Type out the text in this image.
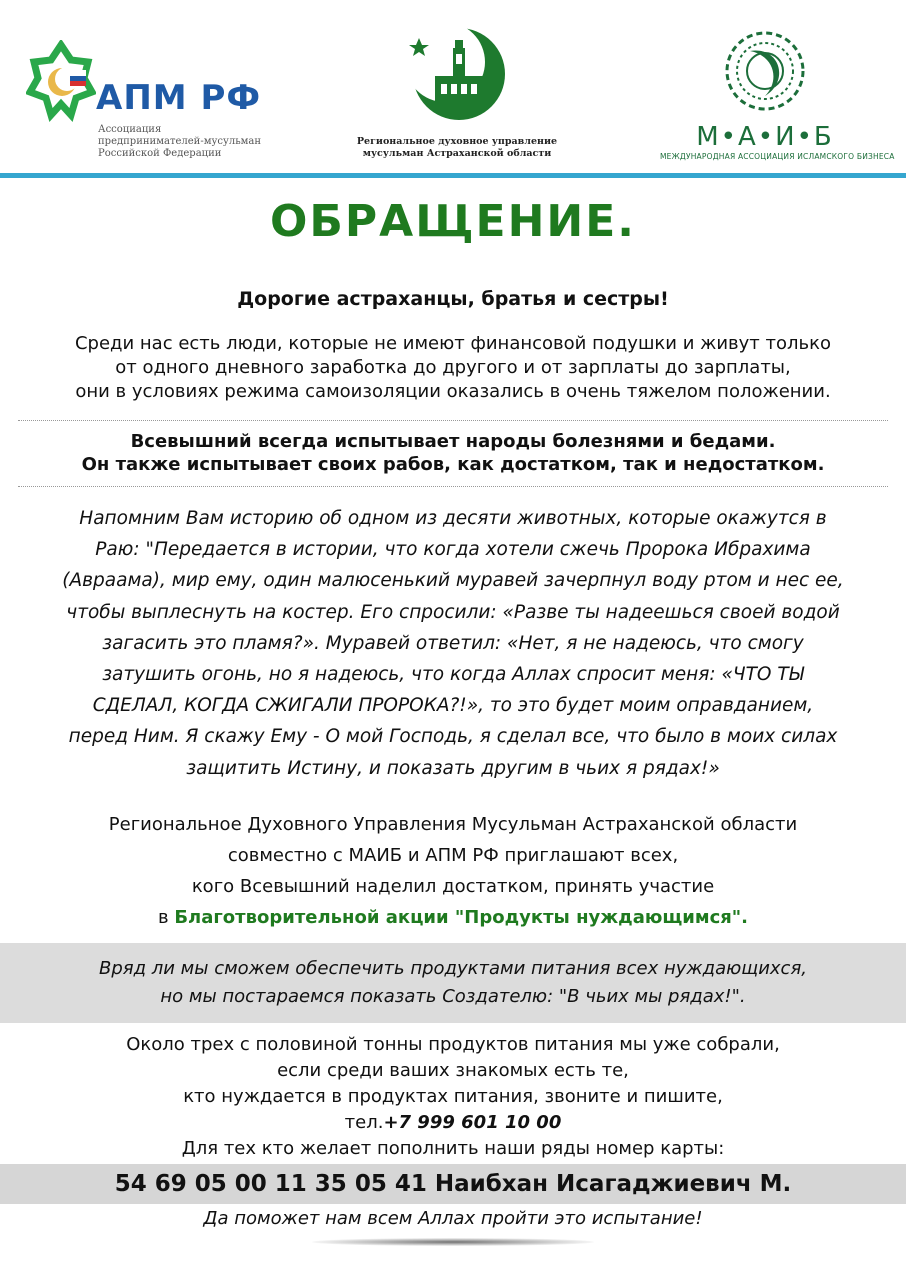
АПМ РФ
Ассоциация
предпринимателей-мусульман
Российской Федерации
Региональное духовное управление
мусульман Астраханской области
М•А•И•Б
МЕЖДУНАРОДНАЯ АССОЦИАЦИЯ ИСЛАМСКОГО БИЗНЕСА
ОБРАЩЕНИЕ.
Дорогие астраханцы, братья и сестры!
Среди нас есть люди, которые не имеют финансовой подушки и живут только
от одного дневного заработка до другого и от зарплаты до зарплаты,
они в условиях режима самоизоляции оказались в очень тяжелом положении.
Всевышний всегда испытывает народы болезнями и бедами.
Он также испытывает своих рабов, как достатком, так и недостатком.
Напомним Вам историю об одном из десяти животных, которые окажутся в
Раю: "Передается в истории, что когда хотели сжечь Пророка Ибрахима
(Авраама), мир ему, один малюсенький муравей зачерпнул воду ртом и нес ее,
чтобы выплеснуть на костер. Его спросили: «Разве ты надеешься своей водой
загасить это пламя?». Муравей ответил: «Нет, я не надеюсь, что смогу
затушить огонь, но я надеюсь, что когда Аллах спросит меня: «ЧТО ТЫ
СДЕЛАЛ, КОГДА СЖИГАЛИ ПРОРОКА?!», то это будет моим оправданием,
перед Ним. Я скажу Ему - О мой Господь, я сделал все, что было в моих силах
защитить Истину, и показать другим в чьих я рядах!»
Региональное Духовного Управления Мусульман Астраханской области
совместно с МАИБ и АПМ РФ приглашают всех,
кого Всевышний наделил достатком, принять участие
в Благотворительной акции "Продукты нуждающимся".
Вряд ли мы сможем обеспечить продуктами питания всех нуждающихся,
но мы постараемся показать Создателю: "В чьих мы рядах!".
Около трех с половиной тонны продуктов питания мы уже собрали,
если среди ваших знакомых есть те,
кто нуждается в продуктах питания, звоните и пишите,
тел.+7 999 601 10 00
Для тех кто желает пополнить наши ряды номер карты:
54 69 05 00 11 35 05 41 Наибхан Исагаджиевич М.
Да поможет нам всем Аллах пройти это испытание!
